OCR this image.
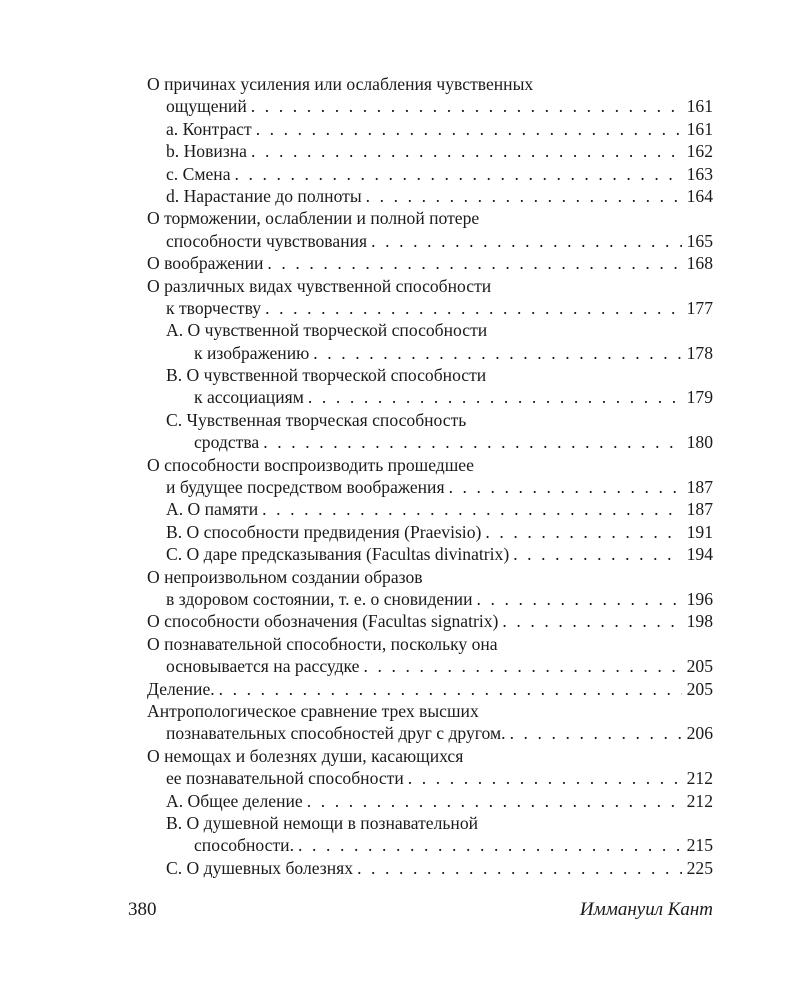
О причинах усиления или ослабления чувственных
ощущений . . .	161
a. Контраст . . .	161
b. Новизна . . .	162
c. Смена . . .	163
d. Нарастание до полноты . . .	164
О торможении, ослаблении и полной потере
способности чувствования . . .	165
О воображении . . .	168
О различных видах чувственной способности
к творчеству . . .	177
A. О чувственной творческой способности
к изображению . . .	178
B. О чувственной творческой способности
к ассоциациям . . .	179
C. Чувственная творческая способность
сродства . . .	180
О способности воспроизводить прошедшее
и будущее посредством воображения . . .	187
A. О памяти . . .	187
B. О способности предвидения (Praevisio) . . .	191
C. О даре предсказывания (Facultas divinatrix) . . .	194
О непроизвольном создании образов
в здоровом состоянии, т. е. о сновидении . . .	196
О способности обозначения (Facultas signatrix) . . .	198
О познавательной способности, поскольку она
основывается на рассудке . . .	205
Деление. . . .	205
Антропологическое сравнение трех высших
познавательных способностей друг с другом. . . .	206
О немощах и болезнях души, касающихся
ее познавательной способности . . .	212
A. Общее деление . . .	212
B. О душевной немощи в познавательной
способности. . . .	215
C. О душевных болезнях . . .	225
380	Иммануил Кант
